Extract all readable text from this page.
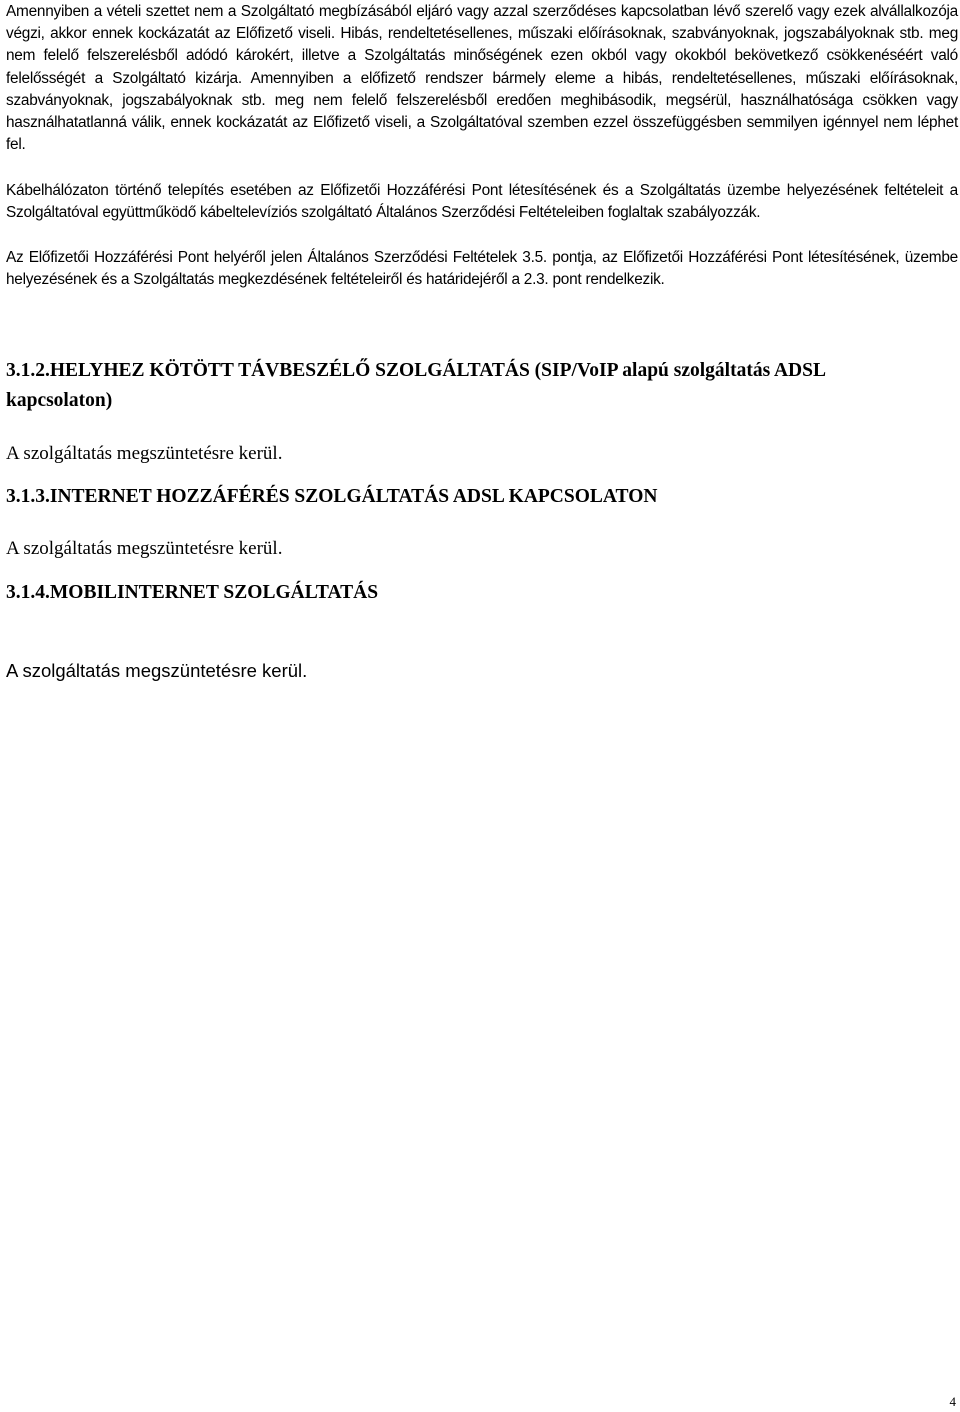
Amennyiben a vételi szettet nem a Szolgáltató megbízásából eljáró vagy azzal szerződéses kapcsolatban lévő szerelő vagy ezek alvállalkozója végzi, akkor ennek kockázatát az Előfizető viseli. Hibás, rendeltetésellenes, műszaki előírásoknak, szabványoknak, jogszabályoknak stb. meg nem felelő felszerelésből adódó károkért, illetve a Szolgáltatás minőségének ezen okból vagy okokból bekövetkező csökkenéséért való felelősségét a Szolgáltató kizárja. Amennyiben a előfizető rendszer bármely eleme a hibás, rendeltetésellenes, műszaki előírásoknak, szabványoknak, jogszabályoknak stb. meg nem felelő felszerelésből eredően meghibásodik, megsérül, használhatósága csökken vagy használhatatlanná válik, ennek kockázatát az Előfizető viseli, a Szolgáltatóval szemben ezzel összefüggésben semmilyen igénnyel nem léphet fel.

Kábelhálózaton történő telepítés esetében az Előfizetői Hozzáférési Pont létesítésének és a Szolgáltatás üzembe helyezésének feltételeit a Szolgáltatóval együttműködő kábeltelevíziós szolgáltató Általános Szerződési Feltételeiben foglaltak szabályozzák.

Az Előfizetői Hozzáférési Pont helyéről jelen Általános Szerződési Feltételek 3.5. pontja, az Előfizetői Hozzáférési Pont létesítésének, üzembe helyezésének és a Szolgáltatás megkezdésének feltételeiről és határidejéről a 2.3. pont rendelkezik.

3.1.2.HELYHEZ KÖTÖTT TÁVBESZÉLŐ SZOLGÁLTATÁS (SIP/VoIP alapú szolgáltatás ADSL kapcsolaton)

A szolgáltatás megszüntetésre kerül.

3.1.3.INTERNET HOZZÁFÉRÉS SZOLGÁLTATÁS ADSL KAPCSOLATON

A szolgáltatás megszüntetésre kerül.

3.1.4.MOBILINTERNET SZOLGÁLTATÁS

A szolgáltatás megszüntetésre kerül.

4
